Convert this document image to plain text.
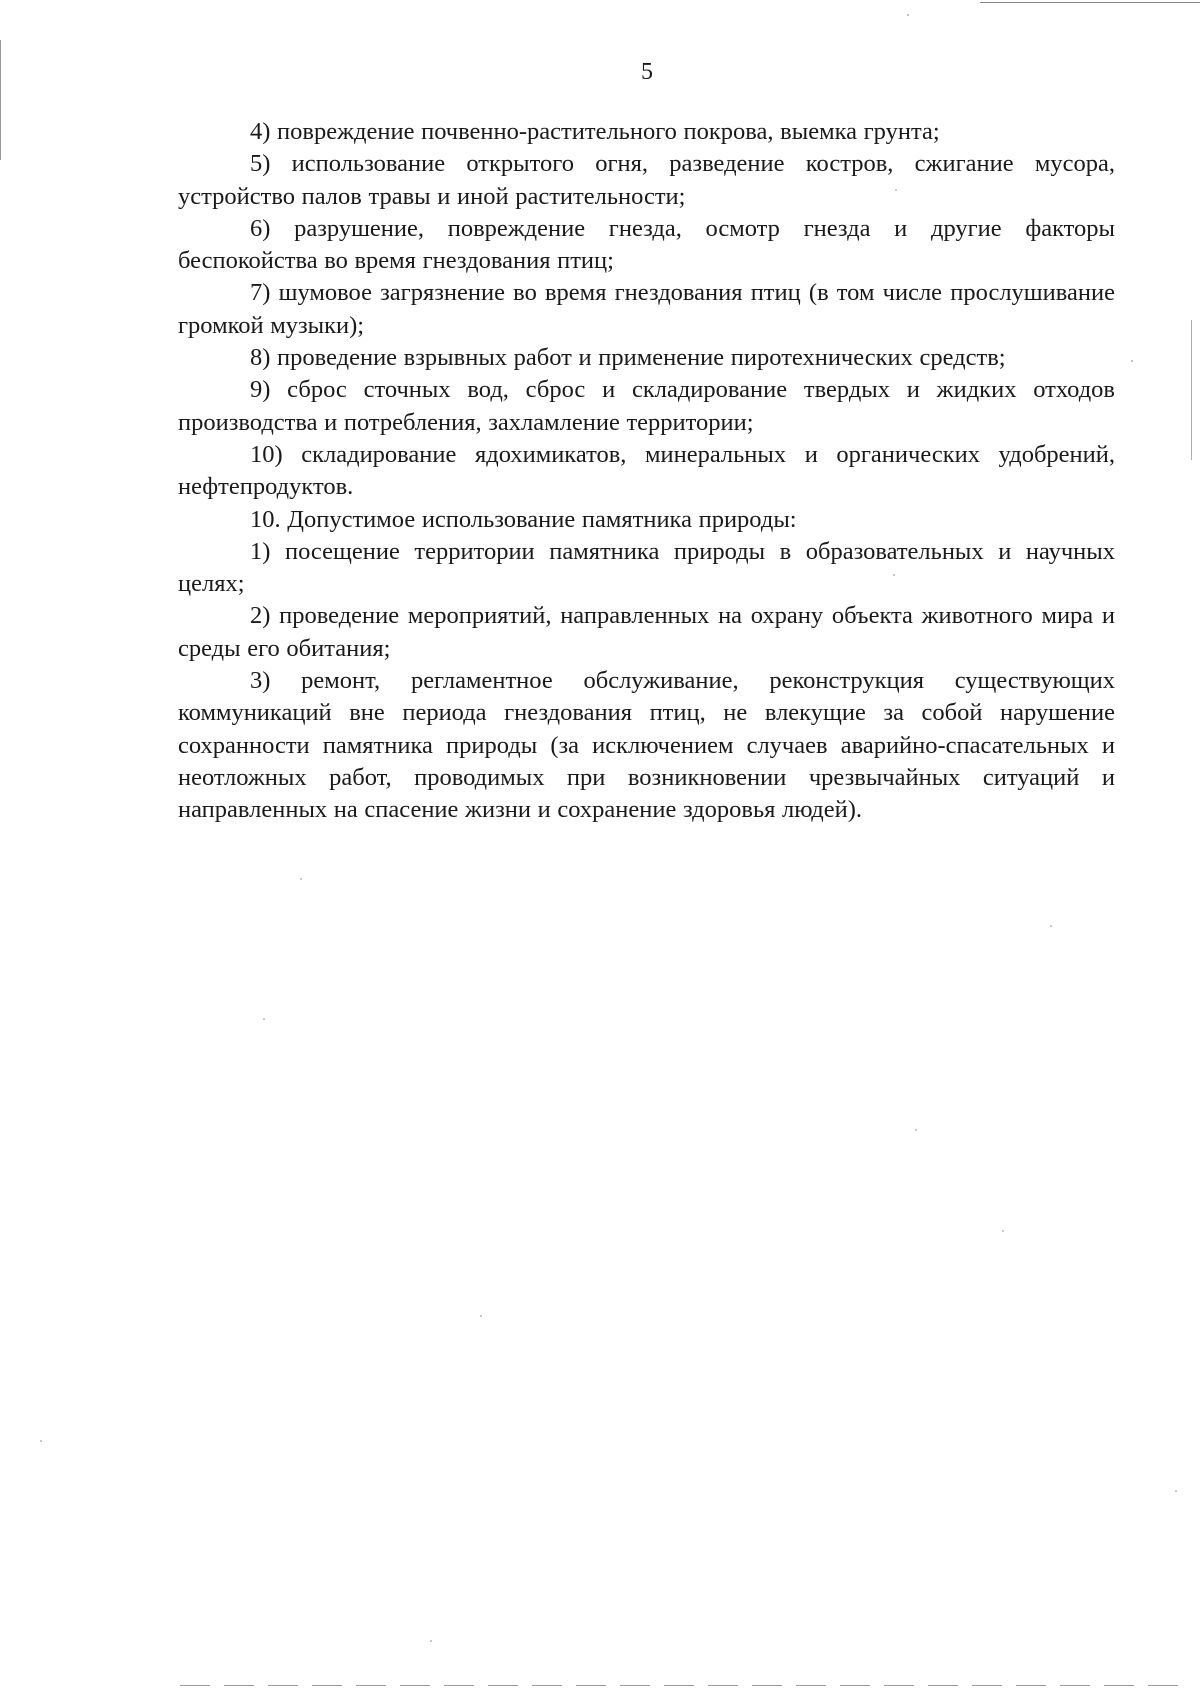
5

4) повреждение почвенно-растительного покрова, выемка грунта;

5) использование открытого огня, разведение костров, сжигание мусора, устройство палов травы и иной растительности;

6) разрушение, повреждение гнезда, осмотр гнезда и другие факторы беспокойства во время гнездования птиц;

7) шумовое загрязнение во время гнездования птиц (в том числе прослушивание громкой музыки);

8) проведение взрывных работ и применение пиротехнических средств;

9) сброс сточных вод, сброс и складирование твердых и жидких отходов производства и потребления, захламление территории;

10) складирование ядохимикатов, минеральных и органических удобрений, нефтепродуктов.

10. Допустимое использование памятника природы:

1) посещение территории памятника природы в образовательных и научных целях;

2) проведение мероприятий, направленных на охрану объекта животного мира и среды его обитания;

3) ремонт, регламентное обслуживание, реконструкция существующих коммуникаций вне периода гнездования птиц, не влекущие за собой нарушение сохранности памятника природы (за исключением случаев аварийно-спасательных и неотложных работ, проводимых при возникновении чрезвычайных ситуаций и направленных на спасение жизни и сохранение здоровья людей).
